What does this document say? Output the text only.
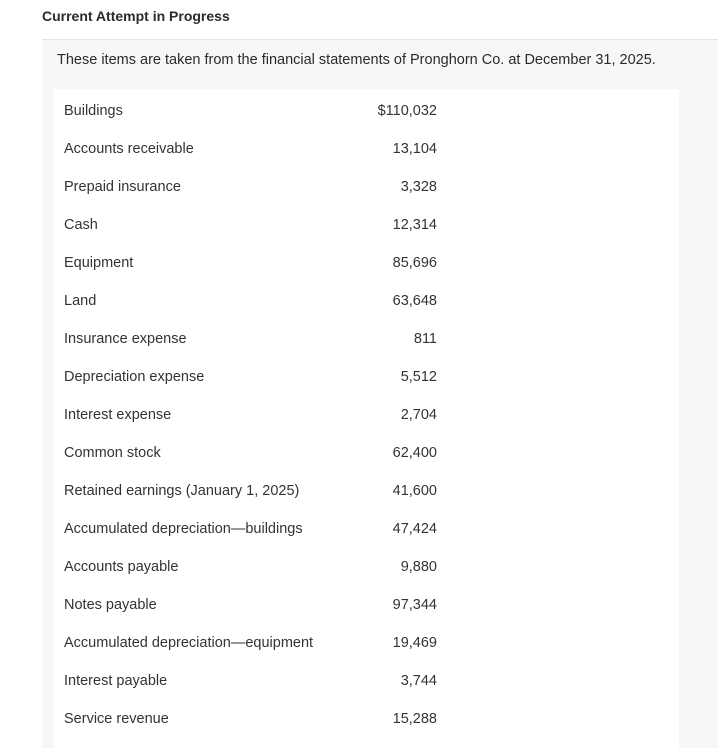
Current Attempt in Progress
These items are taken from the financial statements of Pronghorn Co. at December 31, 2025.
Buildings	$110,032
Accounts receivable	13,104
Prepaid insurance	3,328
Cash	12,314
Equipment	85,696
Land	63,648
Insurance expense	811
Depreciation expense	5,512
Interest expense	2,704
Common stock	62,400
Retained earnings (January 1, 2025)	41,600
Accumulated depreciation—buildings	47,424
Accounts payable	9,880
Notes payable	97,344
Accumulated depreciation—equipment	19,469
Interest payable	3,744
Service revenue	15,288
